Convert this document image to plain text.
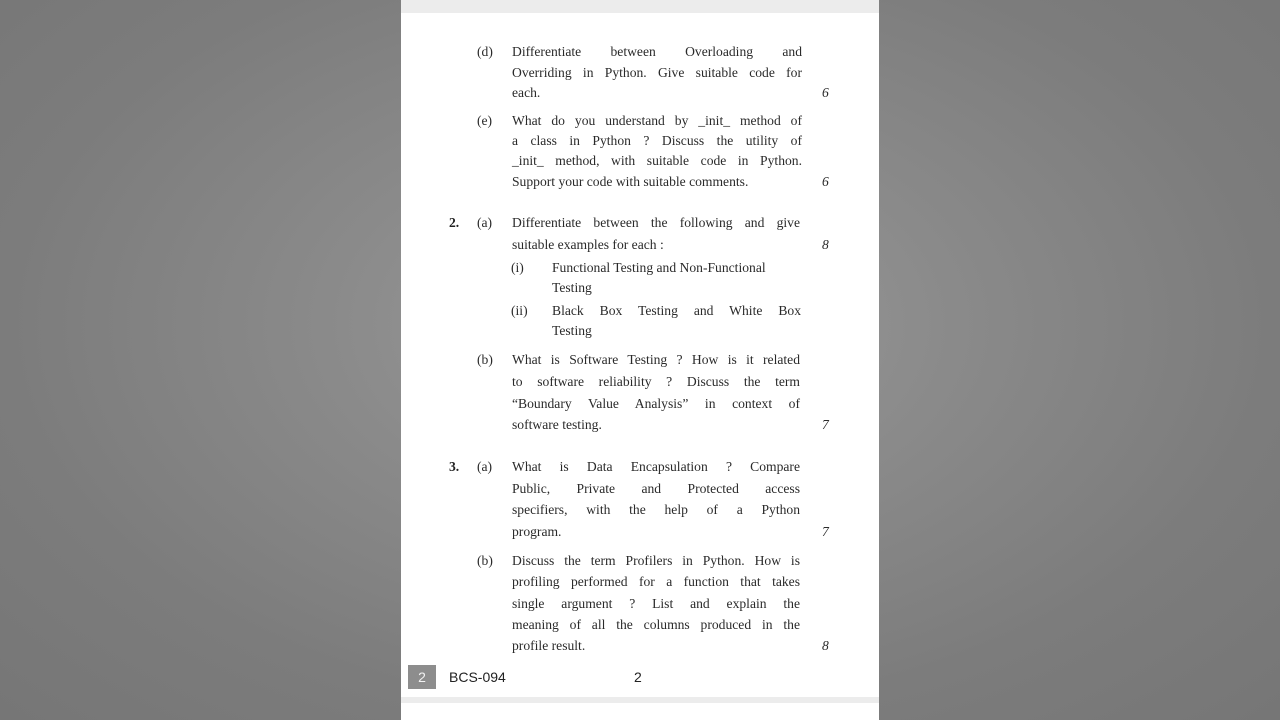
(d) Differentiate between Overloading and
Overriding in Python. Give suitable code for
each.	6
(e) What do you understand by _init_ method of
a class in Python ? Discuss the utility of
_init_ method, with suitable code in Python.
Support your code with suitable comments.	6
2. (a) Differentiate between the following and give
suitable examples for each :	8
(i) Functional Testing and Non-Functional
Testing
(ii) Black Box Testing and White Box
Testing
(b) What is Software Testing ? How is it related
to software reliability ? Discuss the term
“Boundary Value Analysis” in context of
software testing.	7
3. (a) What is Data Encapsulation ? Compare
Public, Private and Protected access
specifiers, with the help of a Python
program.	7
(b) Discuss the term Profilers in Python. How is
profiling performed for a function that takes
single argument ? List and explain the
meaning of all the columns produced in the
profile result.	8
2	BCS-094	2
